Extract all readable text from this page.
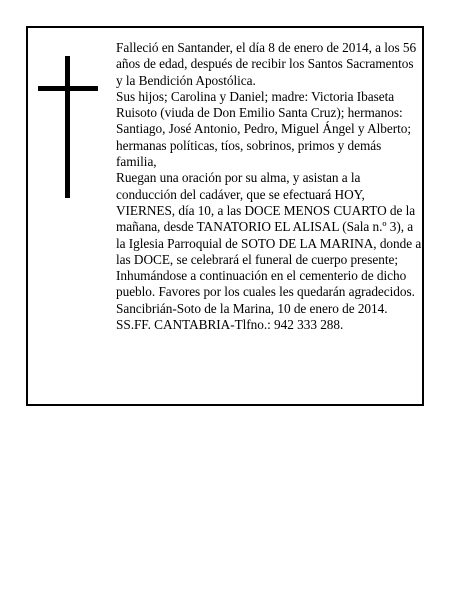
Falleció en Santander, el día 8 de enero de 2014, a los 56 años de edad, después de recibir los Santos Sacramentos y la Bendición Apostólica.

Sus hijos; Carolina y Daniel; madre: Victoria Ibaseta Ruisoto (viuda de Don Emilio Santa Cruz); hermanos: Santiago, José Antonio, Pedro, Miguel Ángel y Alberto; hermanas políticas, tíos, sobrinos, primos y demás familia,

Ruegan una oración por su alma, y asistan a la conducción del cadáver, que se efectuará HOY, VIERNES, día 10, a las DOCE MENOS CUARTO de la mañana, desde TANATORIO EL ALISAL (Sala n.º 3), a la Iglesia Parroquial de SOTO DE LA MARINA, donde a las DOCE, se celebrará el funeral de cuerpo presente; Inhumándose a continuación en el cementerio de dicho pueblo. Favores por los cuales les quedarán agradecidos.

Sancibrián-Soto de la Marina, 10 de enero de 2014.

SS.FF. CANTABRIA-Tlfno.: 942 333 288.
